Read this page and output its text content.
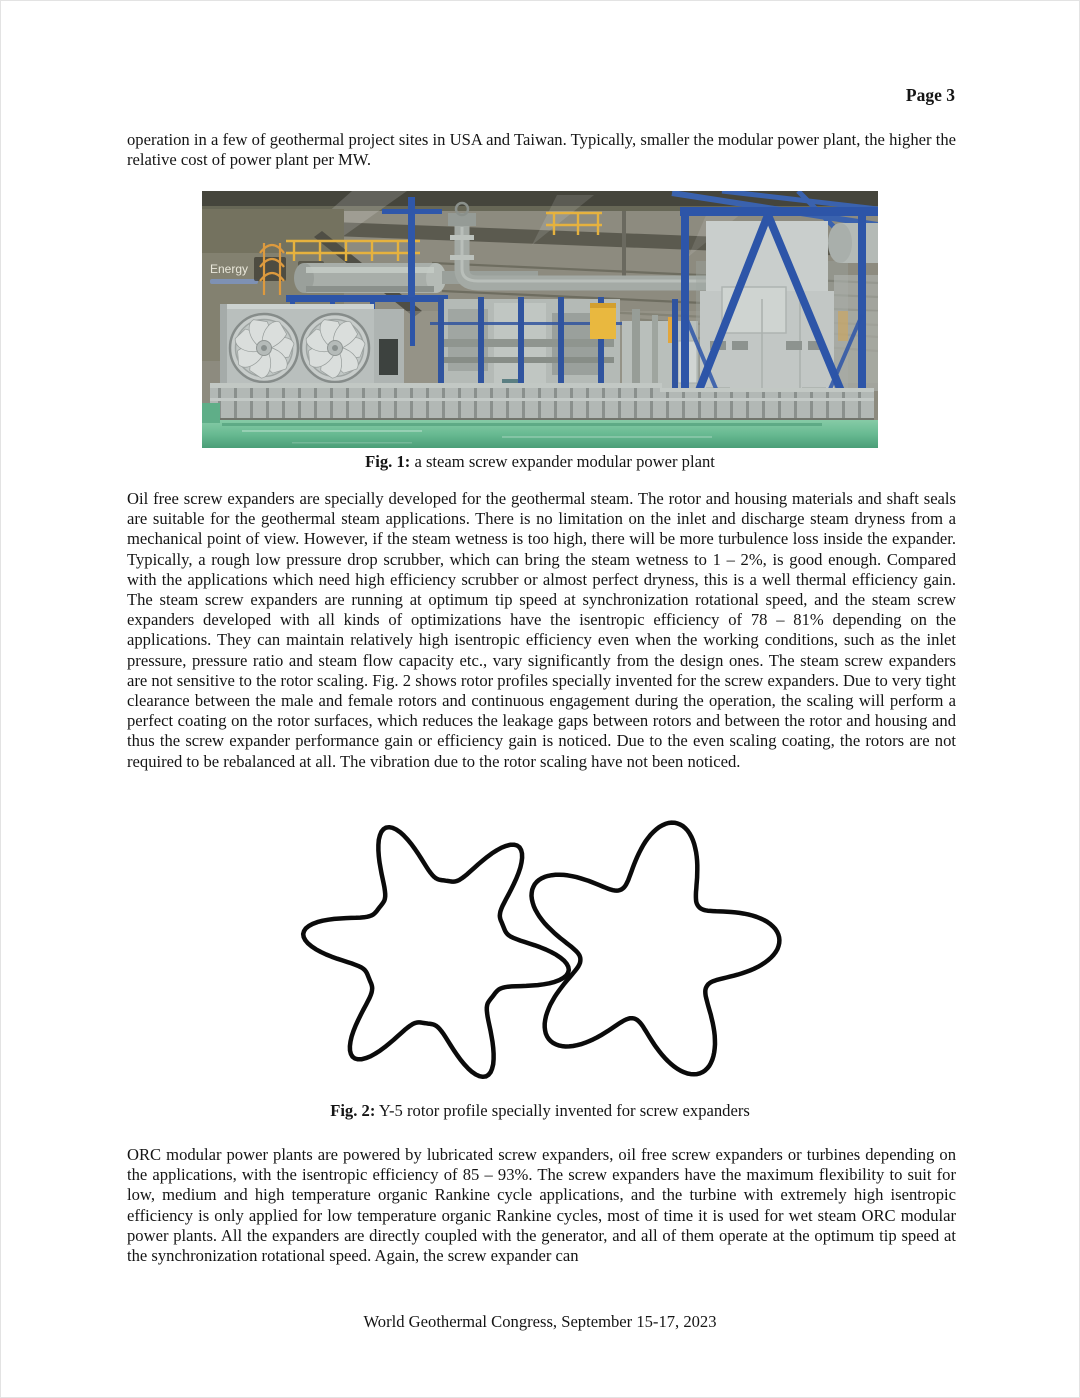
Page 3
operation in a few of geothermal project sites in USA and Taiwan. Typically, smaller the modular power plant, the higher the relative cost of power plant per MW.
Energy
Fig. 1: a steam screw expander modular power plant
Oil free screw expanders are specially developed for the geothermal steam. The rotor and housing materials and shaft seals are suitable for the geothermal steam applications. There is no limitation on the inlet and discharge steam dryness from a mechanical point of view. However, if the steam wetness is too high, there will be more turbulence loss inside the expander. Typically, a rough low pressure drop scrubber, which can bring the steam wetness to 1 – 2%, is good enough. Compared with the applications which need high efficiency scrubber or almost perfect dryness, this is a well thermal efficiency gain. The steam screw expanders are running at optimum tip speed at synchronization rotational speed, and the steam screw expanders developed with all kinds of optimizations have the isentropic efficiency of 78 – 81% depending on the applications. They can maintain relatively high isentropic efficiency even when the working conditions, such as the inlet pressure, pressure ratio and steam flow capacity etc., vary significantly from the design ones. The steam screw expanders are not sensitive to the rotor scaling. Fig. 2 shows rotor profiles specially invented for the screw expanders. Due to very tight clearance between the male and female rotors and continuous engagement during the operation, the scaling will perform a perfect coating on the rotor surfaces, which reduces the leakage gaps between rotors and between the rotor and housing and thus the screw expander performance gain or efficiency gain is noticed. Due to the even scaling coating, the rotors are not required to be rebalanced at all. The vibration due to the rotor scaling have not been noticed.
Fig. 2: Y-5 rotor profile specially invented for screw expanders
ORC modular power plants are powered by lubricated screw expanders, oil free screw expanders or turbines depending on the applications, with the isentropic efficiency of 85 – 93%. The screw expanders have the maximum flexibility to suit for low, medium and high temperature organic Rankine cycle applications, and the turbine with extremely high isentropic efficiency is only applied for low temperature organic Rankine cycles, most of time it is used for wet steam ORC modular power plants. All the expanders are directly coupled with the generator, and all of them operate at the optimum tip speed at the synchronization rotational speed. Again, the screw expander can
World Geothermal Congress, September 15-17, 2023
